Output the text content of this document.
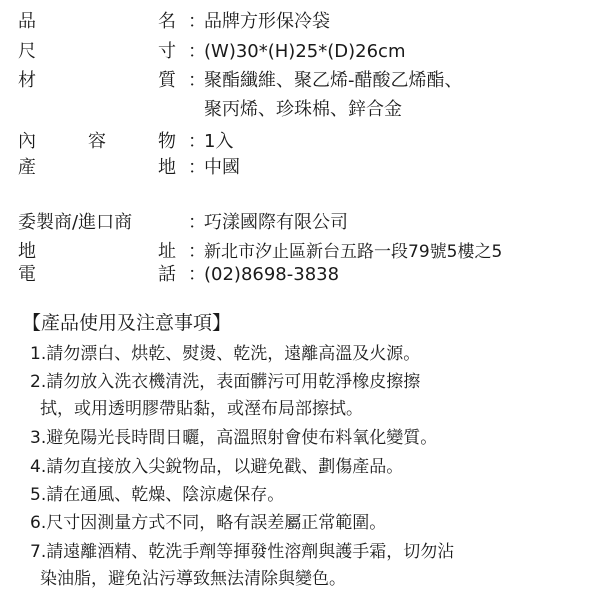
品	名 ：
品牌方形保冷袋
尺	寸 ：
(W)30*(H)25*(D)26cm
材	質 ：
聚酯纖維、聚乙烯-醋酸乙烯酯、
聚丙烯、珍珠棉、鋅合金
內	容	物 ：
1入
產	地 ：
中國
委製商/進口商	：
巧漾國際有限公司
地	址 ：
新北市汐止區新台五路一段79號5樓之5
電	話 ：
(02)8698-3838
【產品使用及注意事項】
1.請勿漂白、烘乾、熨燙、乾洗，遠離高溫及火源。
2.請勿放入洗衣機清洗，表面髒污可用乾淨橡皮擦擦
拭，或用透明膠帶貼黏，或溼布局部擦拭。
3.避免陽光長時間日曬，高溫照射會使布料氧化變質。
4.請勿直接放入尖銳物品，以避免戳、劃傷產品。
5.請在通風、乾燥、陰涼處保存。
6.尺寸因測量方式不同，略有誤差屬正常範圍。
7.請遠離酒精、乾洗手劑等揮發性溶劑與護手霜，切勿沾
染油脂，避免沾污導致無法清除與變色。
